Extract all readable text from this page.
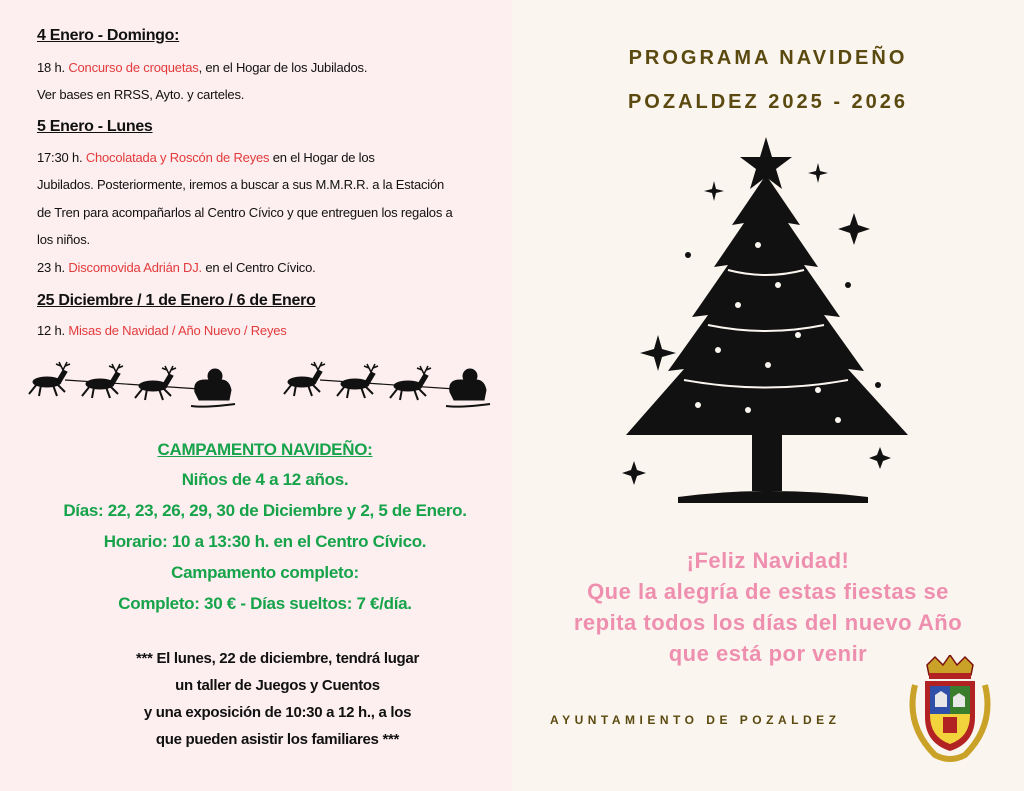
4 Enero - Domingo:
18 h. Concurso de croquetas, en el Hogar de los Jubilados.
Ver bases en RRSS, Ayto. y carteles.
5 Enero - Lunes
17:30 h. Chocolatada y Roscón de Reyes en el Hogar de los
Jubilados. Posteriormente, iremos a buscar a sus M.M.R.R. a la Estación
de Tren para acompañarlos al Centro Cívico y que entreguen los regalos a
los niños.
23 h. Discomovida Adrián DJ. en el Centro Cívico.
25 Diciembre / 1 de Enero / 6 de Enero
12 h. Misas de Navidad / Año Nuevo / Reyes
CAMPAMENTO NAVIDEÑO:
Niños de 4 a 12 años.
Días: 22, 23, 26, 29, 30 de Diciembre y 2, 5 de Enero.
Horario: 10 a 13:30 h. en el Centro Cívico.
Campamento completo:
Completo: 30 € - Días sueltos: 7 €/día.
*** El lunes, 22 de diciembre, tendrá lugar
un taller de Juegos y Cuentos
y una exposición de 10:30 a 12 h., a los
que pueden asistir los familiares ***
PROGRAMA NAVIDEÑO
POZALDEZ 2025 - 2026
¡Feliz Navidad!
Que la alegría de estas fiestas se
repita todos los días del nuevo Año
que está por venir
AYUNTAMIENTO DE POZALDEZ
